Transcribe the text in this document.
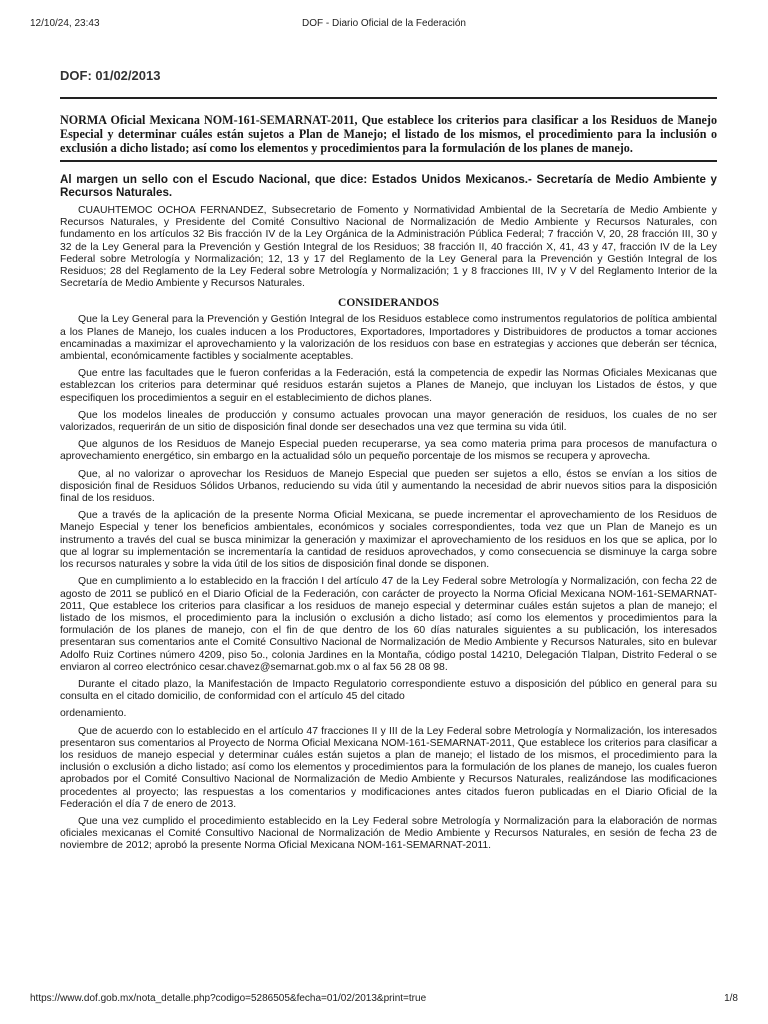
12/10/24, 23:43	DOF - Diario Oficial de la Federación
DOF: 01/02/2013
NORMA Oficial Mexicana NOM-161-SEMARNAT-2011, Que establece los criterios para clasificar a los Residuos de Manejo Especial y determinar cuáles están sujetos a Plan de Manejo; el listado de los mismos, el procedimiento para la inclusión o exclusión a dicho listado; así como los elementos y procedimientos para la formulación de los planes de manejo.
Al margen un sello con el Escudo Nacional, que dice: Estados Unidos Mexicanos.- Secretaría de Medio Ambiente y Recursos Naturales.
CUAUHTEMOC OCHOA FERNANDEZ, Subsecretario de Fomento y Normatividad Ambiental de la Secretaría de Medio Ambiente y Recursos Naturales, y Presidente del Comité Consultivo Nacional de Normalización de Medio Ambiente y Recursos Naturales, con fundamento en los artículos 32 Bis fracción IV de la Ley Orgánica de la Administración Pública Federal; 7 fracción V, 20, 28 fracción III, 30 y 32 de la Ley General para la Prevención y Gestión Integral de los Residuos; 38 fracción II, 40 fracción X, 41, 43 y 47, fracción IV de la Ley Federal sobre Metrología y Normalización; 12, 13 y 17 del Reglamento de la Ley General para la Prevención y Gestión Integral de los Residuos; 28 del Reglamento de la Ley Federal sobre Metrología y Normalización; 1 y 8 fracciones III, IV y V del Reglamento Interior de la Secretaría de Medio Ambiente y Recursos Naturales.
CONSIDERANDOS
Que la Ley General para la Prevención y Gestión Integral de los Residuos establece como instrumentos regulatorios de política ambiental a los Planes de Manejo, los cuales inducen a los Productores, Exportadores, Importadores y Distribuidores de productos a tomar acciones encaminadas a maximizar el aprovechamiento y la valorización de los residuos con base en estrategias y acciones que deberán ser técnica, ambiental, económicamente factibles y socialmente aceptables.
Que entre las facultades que le fueron conferidas a la Federación, está la competencia de expedir las Normas Oficiales Mexicanas que establezcan los criterios para determinar qué residuos estarán sujetos a Planes de Manejo, que incluyan los Listados de éstos, y que especifiquen los procedimientos a seguir en el establecimiento de dichos planes.
Que los modelos lineales de producción y consumo actuales provocan una mayor generación de residuos, los cuales de no ser valorizados, requerirán de un sitio de disposición final donde ser desechados una vez que termina su vida útil.
Que algunos de los Residuos de Manejo Especial pueden recuperarse, ya sea como materia prima para procesos de manufactura o aprovechamiento energético, sin embargo en la actualidad sólo un pequeño porcentaje de los mismos se recupera y aprovecha.
Que, al no valorizar o aprovechar los Residuos de Manejo Especial que pueden ser sujetos a ello, éstos se envían a los sitios de disposición final de Residuos Sólidos Urbanos, reduciendo su vida útil y aumentando la necesidad de abrir nuevos sitios para la disposición final de los residuos.
Que a través de la aplicación de la presente Norma Oficial Mexicana, se puede incrementar el aprovechamiento de los Residuos de Manejo Especial y tener los beneficios ambientales, económicos y sociales correspondientes, toda vez que un Plan de Manejo es un instrumento a través del cual se busca minimizar la generación y maximizar el aprovechamiento de los residuos en los que se aplica, por lo que al lograr su implementación se incrementaría la cantidad de residuos aprovechados, y como consecuencia se disminuye la carga sobre los recursos naturales y sobre la vida útil de los sitios de disposición final donde se disponen.
Que en cumplimiento a lo establecido en la fracción I del artículo 47 de la Ley Federal sobre Metrología y Normalización, con fecha 22 de agosto de 2011 se publicó en el Diario Oficial de la Federación, con carácter de proyecto la Norma Oficial Mexicana NOM-161-SEMARNAT-2011, Que establece los criterios para clasificar a los residuos de manejo especial y determinar cuáles están sujetos a plan de manejo; el listado de los mismos, el procedimiento para la inclusión o exclusión a dicho listado; así como los elementos y procedimientos para la formulación de los planes de manejo, con el fin de que dentro de los 60 días naturales siguientes a su publicación, los interesados presentaran sus comentarios ante el Comité Consultivo Nacional de Normalización de Medio Ambiente y Recursos Naturales, sito en bulevar Adolfo Ruiz Cortines número 4209, piso 5o., colonia Jardines en la Montaña, código postal 14210, Delegación Tlalpan, Distrito Federal o se enviaron al correo electrónico cesar.chavez@semarnat.gob.mx o al fax 56 28 08 98.
Durante el citado plazo, la Manifestación de Impacto Regulatorio correspondiente estuvo a disposición del público en general para su consulta en el citado domicilio, de conformidad con el artículo 45 del citado
ordenamiento.
Que de acuerdo con lo establecido en el artículo 47 fracciones II y III de la Ley Federal sobre Metrología y Normalización, los interesados presentaron sus comentarios al Proyecto de Norma Oficial Mexicana NOM-161-SEMARNAT-2011, Que establece los criterios para clasificar a los residuos de manejo especial y determinar cuáles están sujetos a plan de manejo; el listado de los mismos, el procedimiento para la inclusión o exclusión a dicho listado; así como los elementos y procedimientos para la formulación de los planes de manejo, los cuales fueron aprobados por el Comité Consultivo Nacional de Normalización de Medio Ambiente y Recursos Naturales, realizándose las modificaciones procedentes al proyecto; las respuestas a los comentarios y modificaciones antes citados fueron publicadas en el Diario Oficial de la Federación el día 7 de enero de 2013.
Que una vez cumplido el procedimiento establecido en la Ley Federal sobre Metrología y Normalización para la elaboración de normas oficiales mexicanas el Comité Consultivo Nacional de Normalización de Medio Ambiente y Recursos Naturales, en sesión de fecha 23 de noviembre de 2012; aprobó la presente Norma Oficial Mexicana NOM-161-SEMARNAT-2011.
https://www.dof.gob.mx/nota_detalle.php?codigo=5286505&fecha=01/02/2013&print=true	1/8
